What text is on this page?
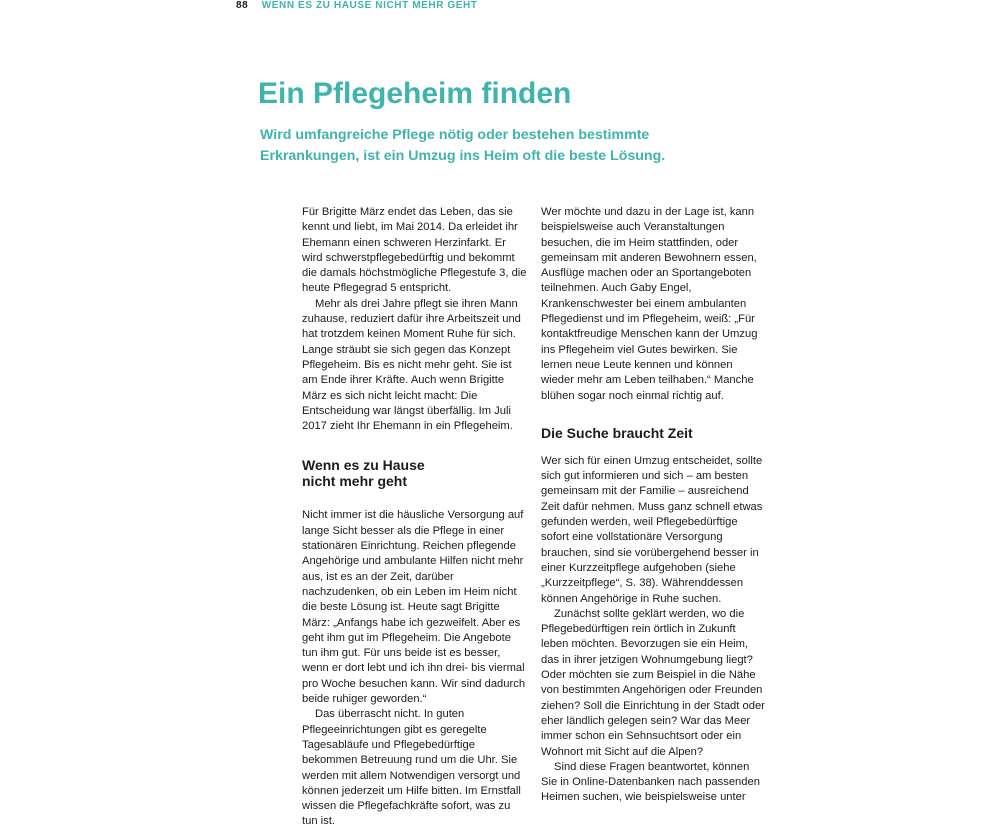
88 WENN ES ZU HAUSE NICHT MEHR GEHT
Ein Pflegeheim finden

Wird umfangreiche Pflege nötig oder bestehen bestimmte Erkrankungen, ist ein Umzug ins Heim oft die beste Lösung.

Für Brigitte März endet das Leben, das sie kennt und liebt, im Mai 2014. Da erleidet ihr Ehemann einen schweren Herzinfarkt. Er wird schwerstpflegebedürftig und bekommt die damals höchstmögliche Pflegestufe 3, die heute Pflegegrad 5 entspricht.

Mehr als drei Jahre pflegt sie ihren Mann zuhause, reduziert dafür ihre Arbeitszeit und hat trotzdem keinen Moment Ruhe für sich. Lange sträubt sie sich gegen das Konzept Pflegeheim. Bis es nicht mehr geht. Sie ist am Ende ihrer Kräfte. Auch wenn Brigitte März es sich nicht leicht macht: Die Entscheidung war längst überfällig. Im Juli 2017 zieht Ihr Ehemann in ein Pflegeheim.

Wenn es zu Hause
nicht mehr geht

Nicht immer ist die häusliche Versorgung auf lange Sicht besser als die Pflege in einer stationären Einrichtung. Reichen pflegende Angehörige und ambulante Hilfen nicht mehr aus, ist es an der Zeit, darüber nachzudenken, ob ein Leben im Heim nicht die beste Lösung ist. Heute sagt Brigitte März: „Anfangs habe ich gezweifelt. Aber es geht ihm gut im Pflegeheim. Die Angebote tun ihm gut. Für uns beide ist es besser, wenn er dort lebt und ich ihn drei- bis viermal pro Woche besuchen kann. Wir sind dadurch beide ruhiger geworden.“

Das überrascht nicht. In guten Pflegeeinrichtungen gibt es geregelte Tagesabläufe und Pflegebedürftige bekommen Betreuung rund um die Uhr. Sie werden mit allem Notwendigen versorgt und können jederzeit um Hilfe bitten. Im Ernstfall wissen die Pflegefachkräfte sofort, was zu tun ist.

Wer möchte und dazu in der Lage ist, kann beispielsweise auch Veranstaltungen besuchen, die im Heim stattfinden, oder gemeinsam mit anderen Bewohnern essen, Ausflüge machen oder an Sportangeboten teilnehmen. Auch Gaby Engel, Krankenschwester bei einem ambulanten Pflegedienst und im Pflegeheim, weiß: „Für kontaktfreudige Menschen kann der Umzug ins Pflegeheim viel Gutes bewirken. Sie lernen neue Leute kennen und können wieder mehr am Leben teilhaben.“ Manche blühen sogar noch einmal richtig auf.

Die Suche braucht Zeit

Wer sich für einen Umzug entscheidet, sollte sich gut informieren und sich – am besten gemeinsam mit der Familie – ausreichend Zeit dafür nehmen. Muss ganz schnell etwas gefunden werden, weil Pflegebedürftige sofort eine vollstationäre Versorgung brauchen, sind sie vorübergehend besser in einer Kurzzeitpflege aufgehoben (siehe „Kurzzeitpflege“, S. 38). Währenddessen können Angehörige in Ruhe suchen.

Zunächst sollte geklärt werden, wo die Pflegebedürftigen rein örtlich in Zukunft leben möchten. Bevorzugen sie ein Heim, das in ihrer jetzigen Wohnumgebung liegt? Oder möchten sie zum Beispiel in die Nähe von bestimmten Angehörigen oder Freunden ziehen? Soll die Einrichtung in der Stadt oder eher ländlich gelegen sein? War das Meer immer schon ein Sehnsuchtsort oder ein Wohnort mit Sicht auf die Alpen?

Sind diese Fragen beantwortet, können Sie in Online-Datenbanken nach passenden Heimen suchen, wie beispielsweise unter
